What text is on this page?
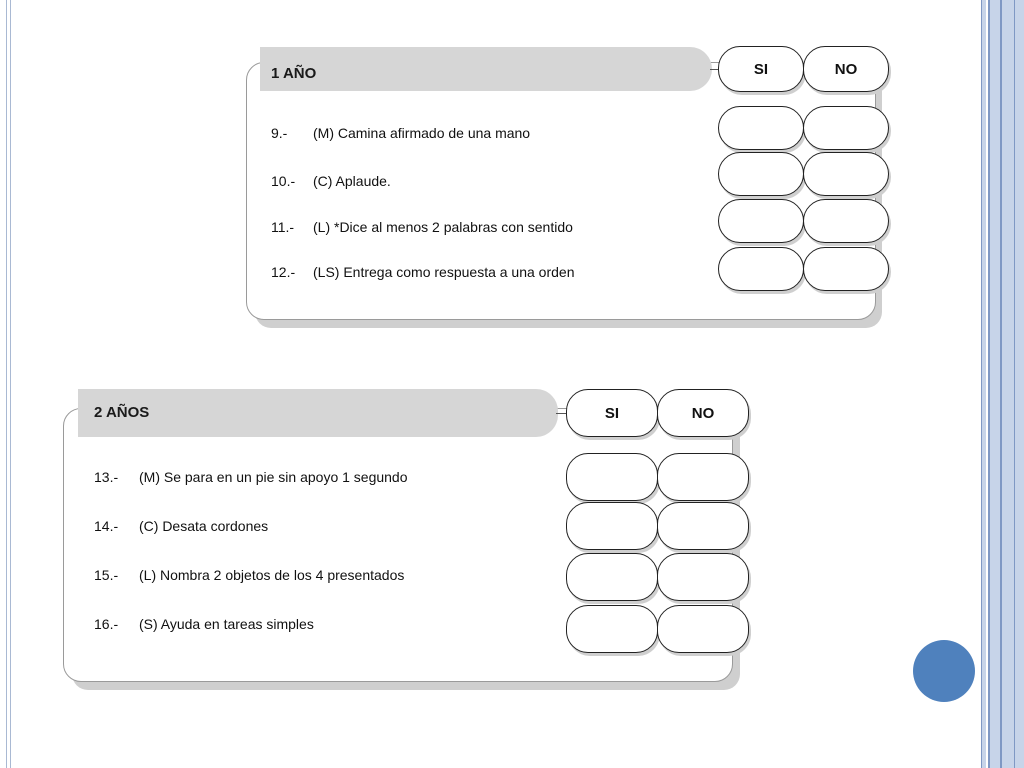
1 AÑO	SI	NO
9.- (M) Camina afirmado de una mano
10.- (C) Aplaude.
11.- (L) *Dice al menos 2 palabras con sentido
12.- (LS) Entrega como respuesta a una orden
2 AÑOS	SI	NO
13.- (M) Se para en un pie sin apoyo 1 segundo
14.- (C) Desata cordones
15.- (L) Nombra 2 objetos de los 4 presentados
16.- (S) Ayuda en tareas simples
